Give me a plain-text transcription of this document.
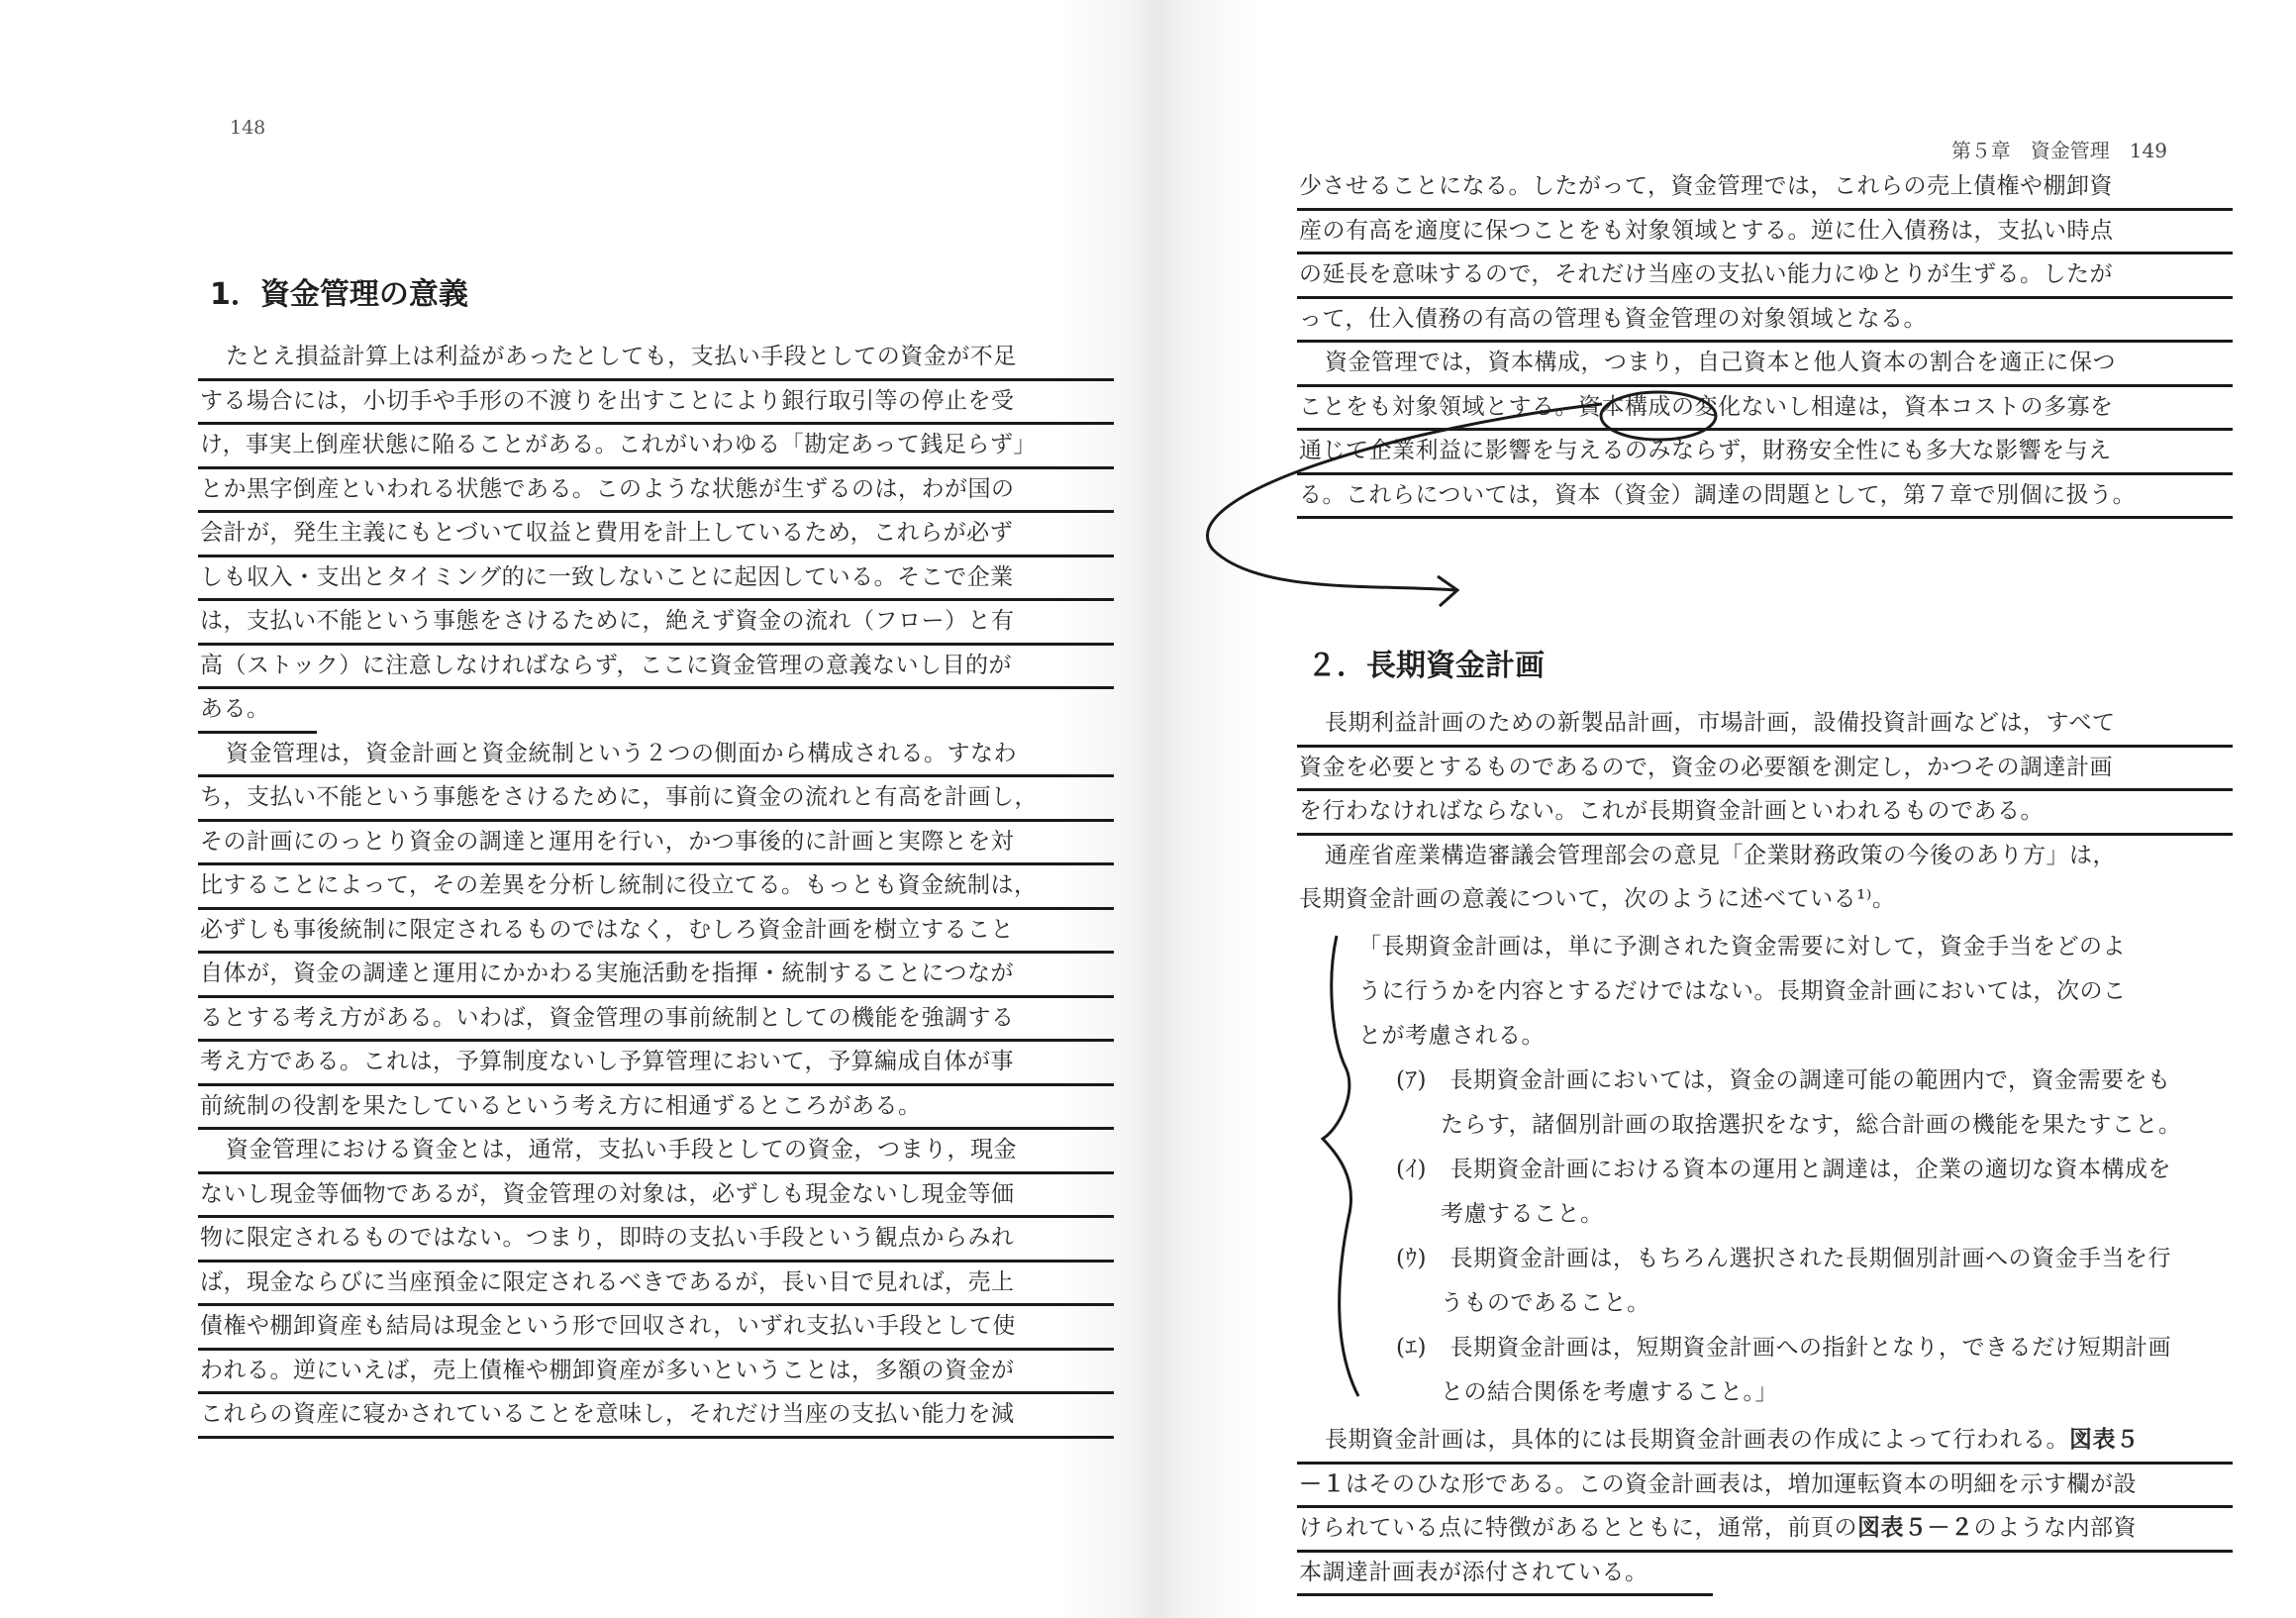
148
1．資金管理の意義
たとえ損益計算上は利益があったとしても，支払い手段としての資金が不足
する場合には，小切手や手形の不渡りを出すことにより銀行取引等の停止を受
け，事実上倒産状態に陥ることがある。これがいわゆる「勘定あって銭足らず」
とか黒字倒産といわれる状態である。このような状態が生ずるのは，わが国の
会計が，発生主義にもとづいて収益と費用を計上しているため，これらが必ず
しも収入・支出とタイミング的に一致しないことに起因している。そこで企業
は，支払い不能という事態をさけるために，絶えず資金の流れ（フロー）と有
高（ストック）に注意しなければならず，ここに資金管理の意義ないし目的が
ある。
資金管理は，資金計画と資金統制という２つの側面から構成される。すなわ
ち，支払い不能という事態をさけるために，事前に資金の流れと有高を計画し，
その計画にのっとり資金の調達と運用を行い，かつ事後的に計画と実際とを対
比することによって，その差異を分析し統制に役立てる。もっとも資金統制は，
必ずしも事後統制に限定されるものではなく，むしろ資金計画を樹立すること
自体が，資金の調達と運用にかかわる実施活動を指揮・統制することにつなが
るとする考え方がある。いわば，資金管理の事前統制としての機能を強調する
考え方である。これは，予算制度ないし予算管理において，予算編成自体が事
前統制の役割を果たしているという考え方に相通ずるところがある。
資金管理における資金とは，通常，支払い手段としての資金，つまり，現金
ないし現金等価物であるが，資金管理の対象は，必ずしも現金ないし現金等価
物に限定されるものではない。つまり，即時の支払い手段という観点からみれ
ば，現金ならびに当座預金に限定されるべきであるが，長い目で見れば，売上
債権や棚卸資産も結局は現金という形で回収され，いずれ支払い手段として使
われる。逆にいえば，売上債権や棚卸資産が多いということは，多額の資金が
これらの資産に寝かされていることを意味し，それだけ当座の支払い能力を減
第５章　資金管理　149
少させることになる。したがって，資金管理では，これらの売上債権や棚卸資
産の有高を適度に保つことをも対象領域とする。逆に仕入債務は，支払い時点
の延長を意味するので，それだけ当座の支払い能力にゆとりが生ずる。したが
って，仕入債務の有高の管理も資金管理の対象領域となる。
資金管理では，資本構成，つまり，自己資本と他人資本の割合を適正に保つ
ことをも対象領域とする。資本構成の変化ないし相違は，資本コストの多寡を
通じて企業利益に影響を与えるのみならず，財務安全性にも多大な影響を与え
る。これらについては，資本（資金）調達の問題として，第７章で別個に扱う。
２．長期資金計画
長期利益計画のための新製品計画，市場計画，設備投資計画などは，すべて
資金を必要とするものであるので，資金の必要額を測定し，かつその調達計画
を行わなければならない。これが長期資金計画といわれるものである。
通産省産業構造審議会管理部会の意見「企業財務政策の今後のあり方」は，
長期資金計画の意義について，次のように述べている¹⁾。
「長期資金計画は，単に予測された資金需要に対して，資金手当をどのよ
うに行うかを内容とするだけではない。長期資金計画においては，次のこ
とが考慮される。
(ｱ)　長期資金計画においては，資金の調達可能の範囲内で，資金需要をも
たらす，諸個別計画の取捨選択をなす，総合計画の機能を果たすこと。
(ｲ)　長期資金計画における資本の運用と調達は，企業の適切な資本構成を
考慮すること。
(ｳ)　長期資金計画は，もちろん選択された長期個別計画への資金手当を行
うものであること。
(ｴ)　長期資金計画は，短期資金計画への指針となり，できるだけ短期計画
との結合関係を考慮すること。」
長期資金計画は，具体的には長期資金計画表の作成によって行われる。図表５
－１はそのひな形である。この資金計画表は，増加運転資本の明細を示す欄が設
けられている点に特徴があるとともに，通常，前頁の図表５－２のような内部資
本調達計画表が添付されている。
